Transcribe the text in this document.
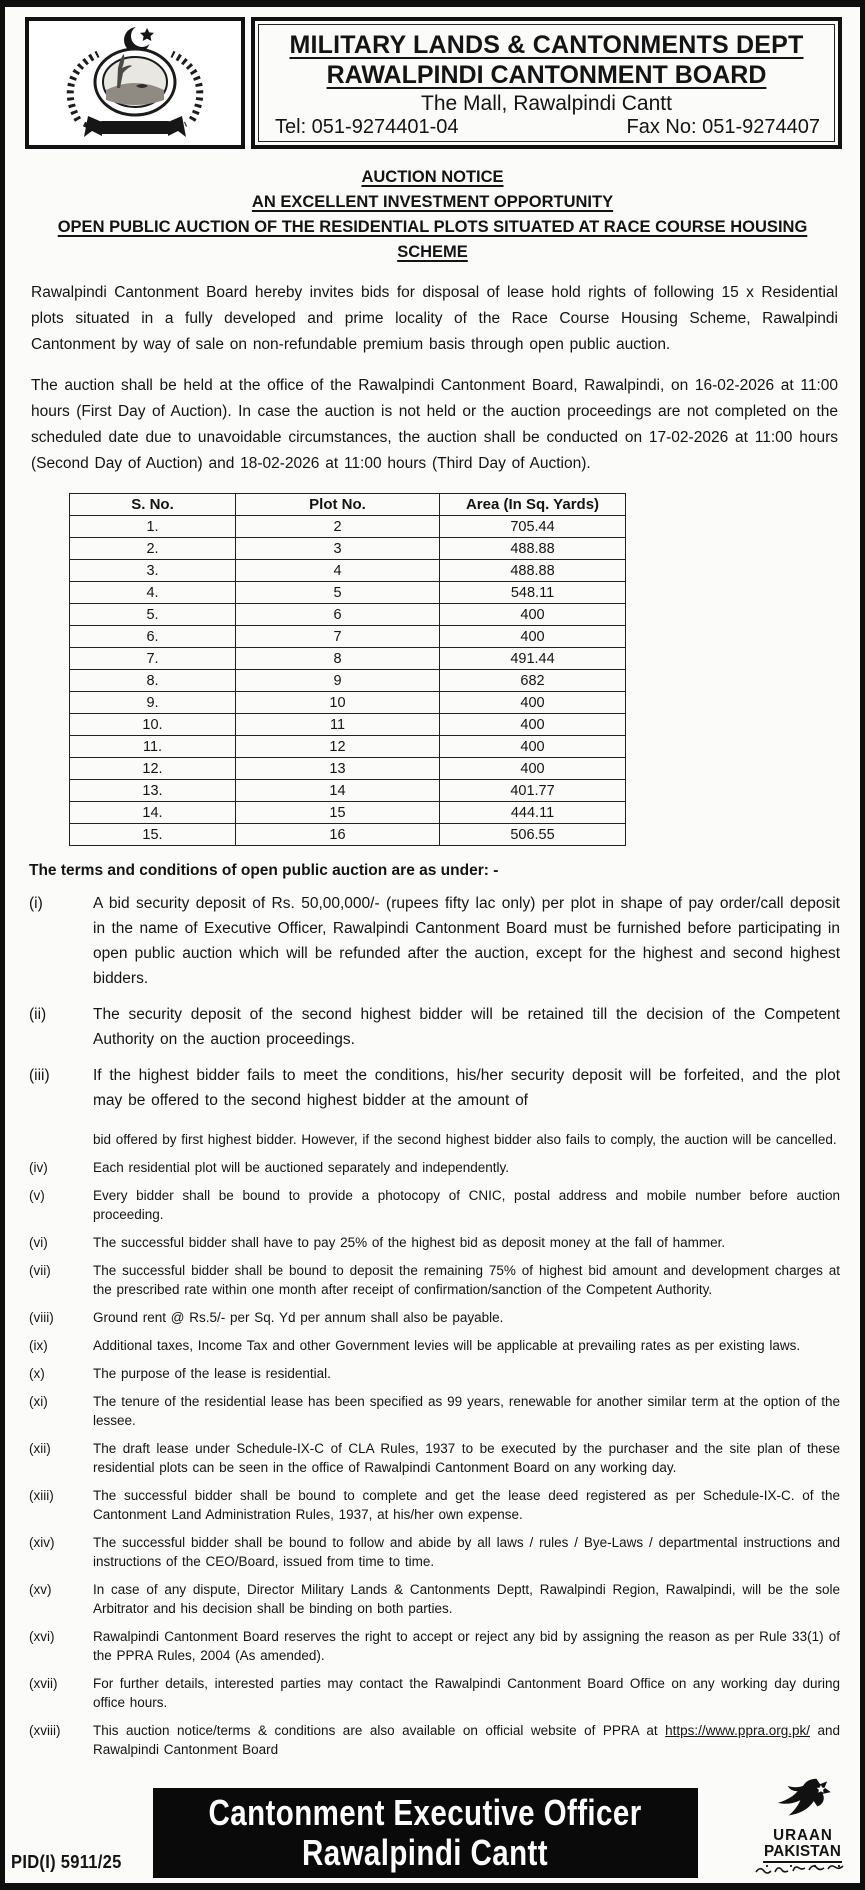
MILITARY LANDS & CANTONMENTS DEPT
RAWALPINDI CANTONMENT BOARD
The Mall, Rawalpindi Cantt
Tel: 051-9274401-04	Fax No: 051-9274407
AUCTION NOTICE
AN EXCELLENT INVESTMENT OPPORTUNITY
OPEN PUBLIC AUCTION OF THE RESIDENTIAL PLOTS SITUATED AT RACE COURSE HOUSING SCHEME

Rawalpindi Cantonment Board hereby invites bids for disposal of lease hold rights of following 15 x Residential plots situated in a fully developed and prime locality of the Race Course Housing Scheme, Rawalpindi Cantonment by way of sale on non-refundable premium basis through open public auction.

The auction shall be held at the office of the Rawalpindi Cantonment Board, Rawalpindi, on 16-02-2026 at 11:00 hours (First Day of Auction). In case the auction is not held or the auction proceedings are not completed on the scheduled date due to unavoidable circumstances, the auction shall be conducted on 17-02-2026 at 11:00 hours (Second Day of Auction) and 18-02-2026 at 11:00 hours (Third Day of Auction).

S. No.	Plot No.	Area (In Sq. Yards)
1.	2	705.44
2.	3	488.88
3.	4	488.88
4.	5	548.11
5.	6	400
6.	7	400
7.	8	491.44
8.	9	682
9.	10	400
10.	11	400
11.	12	400
12.	13	400
13.	14	401.77
14.	15	444.11
15.	16	506.55
The terms and conditions of open public auction are as under: -
(i)	A bid security deposit of Rs. 50,00,000/- (rupees fifty lac only) per plot in shape of pay order/call deposit in the name of Executive Officer, Rawalpindi Cantonment Board must be furnished before participating in open public auction which will be refunded after the auction, except for the highest and second highest bidders.
(ii)	The security deposit of the second highest bidder will be retained till the decision of the Competent Authority on the auction proceedings.
(iii)	If the highest bidder fails to meet the conditions, his/her security deposit will be forfeited, and the plot may be offered to the second highest bidder at the amount of
bid offered by first highest bidder. However, if the second highest bidder also fails to comply, the auction will be cancelled.
(iv)	Each residential plot will be auctioned separately and independently.
(v)	Every bidder shall be bound to provide a photocopy of CNIC, postal address and mobile number before auction proceeding.
(vi)	The successful bidder shall have to pay 25% of the highest bid as deposit money at the fall of hammer.
(vii)	The successful bidder shall be bound to deposit the remaining 75% of highest bid amount and development charges at the prescribed rate within one month after receipt of confirmation/sanction of the Competent Authority.
(viii)	Ground rent @ Rs.5/- per Sq. Yd per annum shall also be payable.
(ix)	Additional taxes, Income Tax and other Government levies will be applicable at prevailing rates as per existing laws.
(x)	The purpose of the lease is residential.
(xi)	The tenure of the residential lease has been specified as 99 years, renewable for another similar term at the option of the lessee.
(xii)	The draft lease under Schedule-IX-C of CLA Rules, 1937 to be executed by the purchaser and the site plan of these residential plots can be seen in the office of Rawalpindi Cantonment Board on any working day.
(xiii)	The successful bidder shall be bound to complete and get the lease deed registered as per Schedule-IX-C. of the Cantonment Land Administration Rules, 1937, at his/her own expense.
(xiv)	The successful bidder shall be bound to follow and abide by all laws / rules / Bye-Laws / departmental instructions and instructions of the CEO/Board, issued from time to time.
(xv)	In case of any dispute, Director Military Lands & Cantonments Deptt, Rawalpindi Region, Rawalpindi, will be the sole Arbitrator and his decision shall be binding on both parties.
(xvi)	Rawalpindi Cantonment Board reserves the right to accept or reject any bid by assigning the reason as per Rule 33(1) of the PPRA Rules, 2004 (As amended).
(xvii)	For further details, interested parties may contact the Rawalpindi Cantonment Board Office on any working day during office hours.
(xviii)	This auction notice/terms & conditions are also available on official website of PPRA at https://www.ppra.org.pk/ and Rawalpindi Cantonment Board
PID(I) 5911/25
Cantonment Executive Officer
Rawalpindi Cantt	URAAN
PAKISTAN
